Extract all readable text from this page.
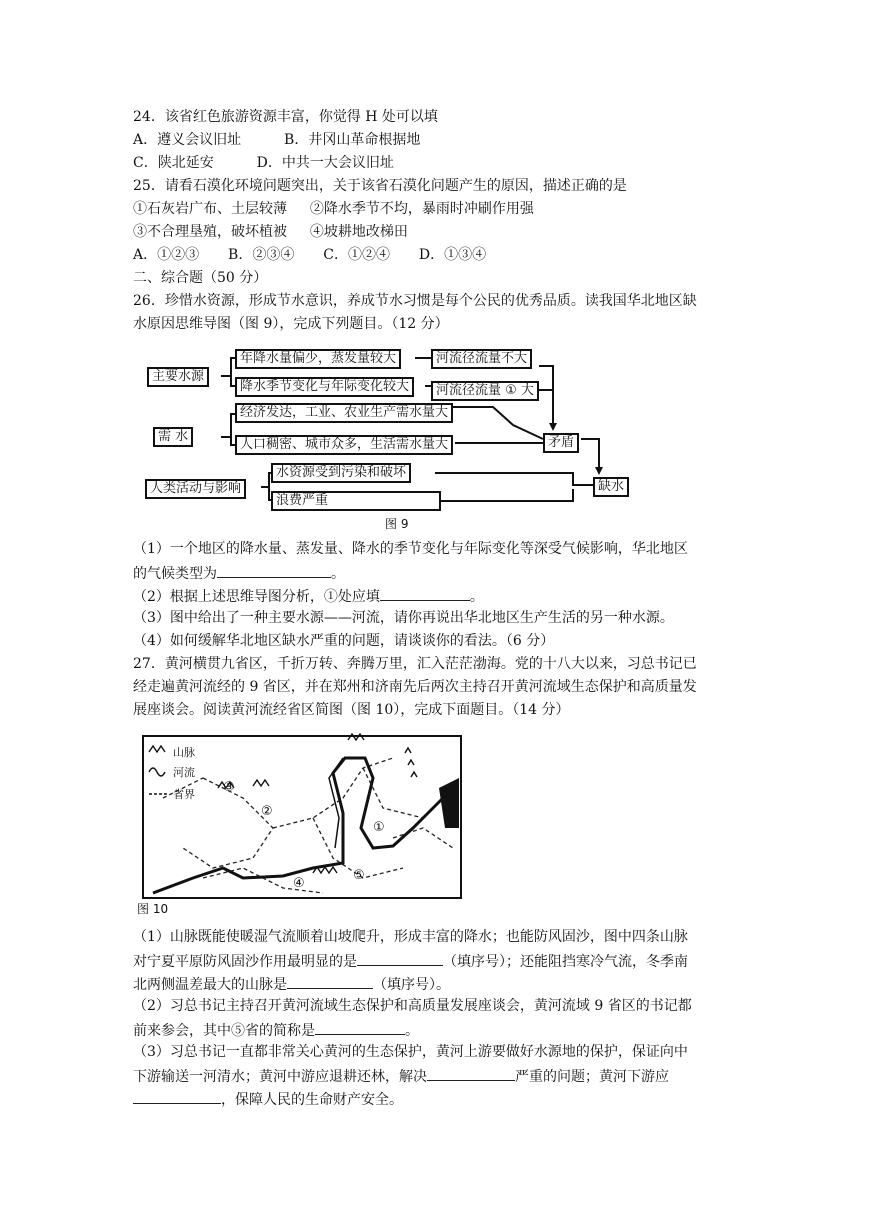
24．该省红色旅游资源丰富，你觉得 H 处可以填
A．遵义会议旧址	B．井冈山革命根据地
C．陕北延安	D．中共一大会议旧址
25．请看石漠化环境问题突出，关于该省石漠化问题产生的原因，描述正确的是
①石灰岩广布、土层较薄 ②降水季节不均，暴雨时冲刷作用强
③不合理垦殖，破坏植被 ④坡耕地改梯田
A．①②③ B．②③④ C．①②④ D．①③④
二、综合题（50 分）
26．珍惜水资源，形成节水意识，养成节水习惯是每个公民的优秀品质。读我国华北地区缺
水原因思维导图（图 9），完成下列题目。（12 分）
主要水源
年降水量偏少，蒸发量较大
降水季节变化与年际变化较大
河流径流量不大
河流径流量 ① 大
需 水
经济发达，工业、农业生产需水量大
人口稠密、城市众多，生活需水量大	矛盾
人类活动与影响
水资源受到污染和破坏
浪费严重
缺水
图 9
（1）一个地区的降水量、蒸发量、降水的季节变化与年际变化等深受气候影响，华北地区
的气候类型为	。
（2）根据上述思维导图分析，①处应填	。
（3）图中给出了一种主要水源——河流，请你再说出华北地区生产生活的另一种水源。
（4）如何缓解华北地区缺水严重的问题，请谈谈你的看法。（6 分）
27．黄河横贯九省区，千折万转、奔腾万里，汇入茫茫渤海。党的十八大以来，习总书记已
经走遍黄河流经的 9 省区，并在郑州和济南先后两次主持召开黄河流域生态保护和高质量发
展座谈会。阅读黄河流经省区简图（图 10），完成下面题目。（14 分）
山脉
河流
省界
①
②
③
④
⑤
图 10
（1）山脉既能使暖湿气流顺着山坡爬升，形成丰富的降水；也能防风固沙，图中四条山脉
对宁夏平原防风固沙作用最明显的是	（填序号）；还能阻挡寒冷气流，冬季南
北两侧温差最大的山脉是	（填序号）。
（2）习总书记主持召开黄河流域生态保护和高质量发展座谈会，黄河流域 9 省区的书记都
前来参会，其中⑤省的简称是	。
（3）习总书记一直都非常关心黄河的生态保护，黄河上游要做好水源地的保护，保证向中
下游输送一河清水；黄河中游应退耕还林，解决	严重的问题；黄河下游应
，保障人民的生命财产安全。
